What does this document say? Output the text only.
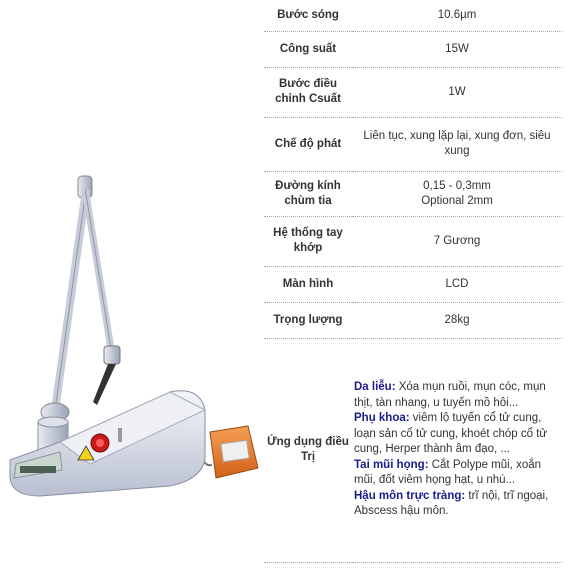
Bước sóng	10.6µm
Công suất	15W
Bước điều chỉnh Csuất	1W
Chế độ phát	Liên tục, xung lặp lại, xung đơn, siêu xung
Đường kính chùm tia	0,15 - 0,3mm
Optional 2mm

Hệ thống tay khớp	7 Gương
Màn hình	LCD
Trọng lượng	28kg
Ứng dụng điều Trị	Da liễu: Xóa mụn ruồi, mụn cóc, mụn thịt, tàn nhang, u tuyến mồ hôi...

Phụ khoa: viêm lộ tuyến cổ tử cung, loạn sản cổ tử cung, khoét chóp cổ tử cung, Herper thành âm đạo, ...

Tai mũi họng: Cắt Polype mũi, xoắn mũi, đốt viêm họng hạt, u nhú...

Hậu môn trực tràng: trĩ nội, trĩ ngoại, Abscess hậu môn.
